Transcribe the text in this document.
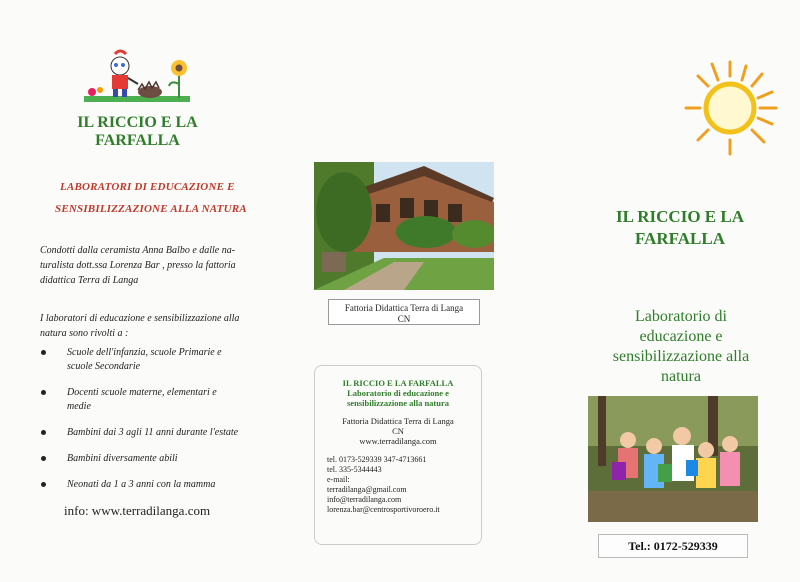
IL RICCIO E LA
FARFALLA
LABORATORI DI EDUCAZIONE E
SENSIBILIZZAZIONE ALLA NATURA
Condotti dalla ceramista Anna Balbo e dalle na-
turalista dott.ssa Lorenza Bar , presso la fattoria
didattica Terra di Langa
I laboratori di educazione e sensibilizzazione alla
natura sono rivolti a :
Scuole dell'infanzia, scuole Primarie e
scuole Secondarie
Docenti scuole materne, elementari e
medie
Bambini dai 3 agli 11 anni durante l'estate
Bambini diversamente abili
Neonati da 1 a 3 anni con la mamma
info: www.terradilanga.com
Fattoria Didattica Terra di Langa
CN
IL RICCIO E LA FARFALLA
Laboratorio di educazione e
sensibilizzazione alla natura
Fattoria Didattica Terra di Langa
CN
www.terradilanga.com
tel. 0173-529339 347-4713661
tel. 335-5344443
e-mail:
terradilanga@gmail.com
info@terradilanga.com
lorenza.bar@centrosportivoroero.it
IL RICCIO E LA
FARFALLA
Laboratorio di
educazione e
sensibilizzazione alla
natura
Tel.: 0172-529339
